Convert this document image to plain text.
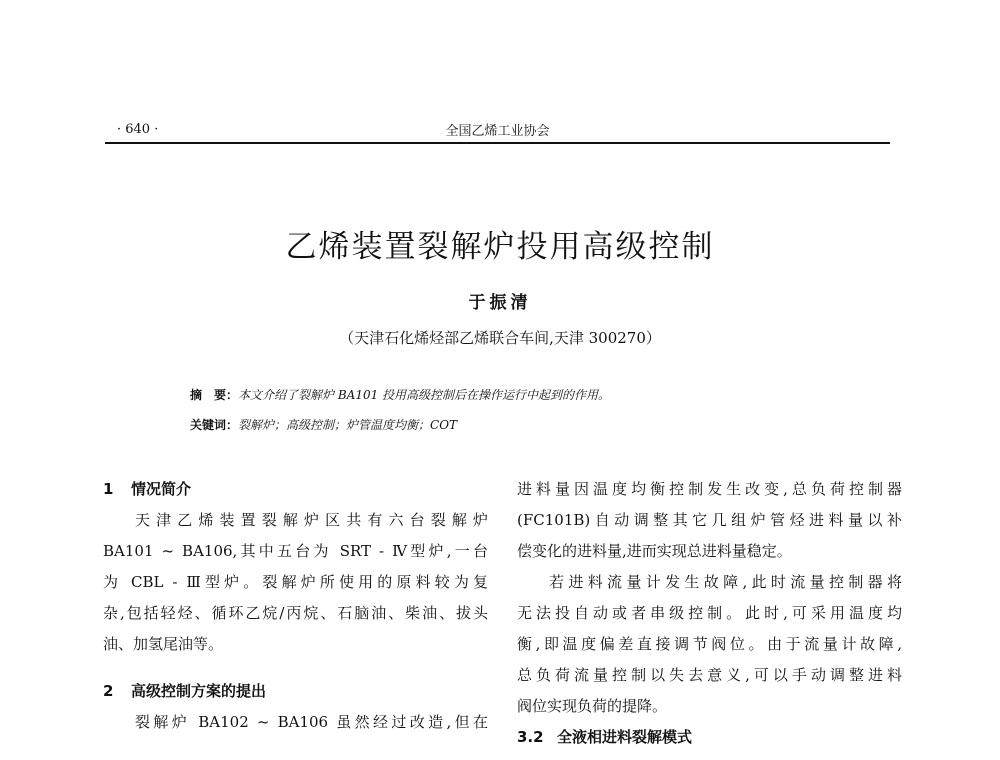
· 640 ·	全国乙烯工业协会
乙烯装置裂解炉投用高级控制
于振清
（天津石化烯烃部乙烯联合车间,天津 300270）
摘　要：本文介绍了裂解炉 BA101 投用高级控制后在操作运行中起到的作用。
关键词：裂解炉；高级控制；炉管温度均衡；COT
1 情况简介
天津乙烯装置裂解炉区共有六台裂解炉
BA101 ~ BA106,其中五台为 SRT - Ⅳ型炉,一台
为 CBL - Ⅲ型炉。裂解炉所使用的原料较为复
杂,包括轻烃、循环乙烷/丙烷、石脑油、柴油、拔头
油、加氢尾油等。
2 高级控制方案的提出
裂解炉 BA102 ~ BA106 虽然经过改造,但在
进料量因温度均衡控制发生改变,总负荷控制器
(FC101B)自动调整其它几组炉管烃进料量以补
偿变化的进料量,进而实现总进料量稳定。
若进料流量计发生故障,此时流量控制器将
无法投自动或者串级控制。此时,可采用温度均
衡,即温度偏差直接调节阀位。由于流量计故障,
总负荷流量控制以失去意义,可以手动调整进料
阀位实现负荷的提降。
3.2 全液相进料裂解模式
